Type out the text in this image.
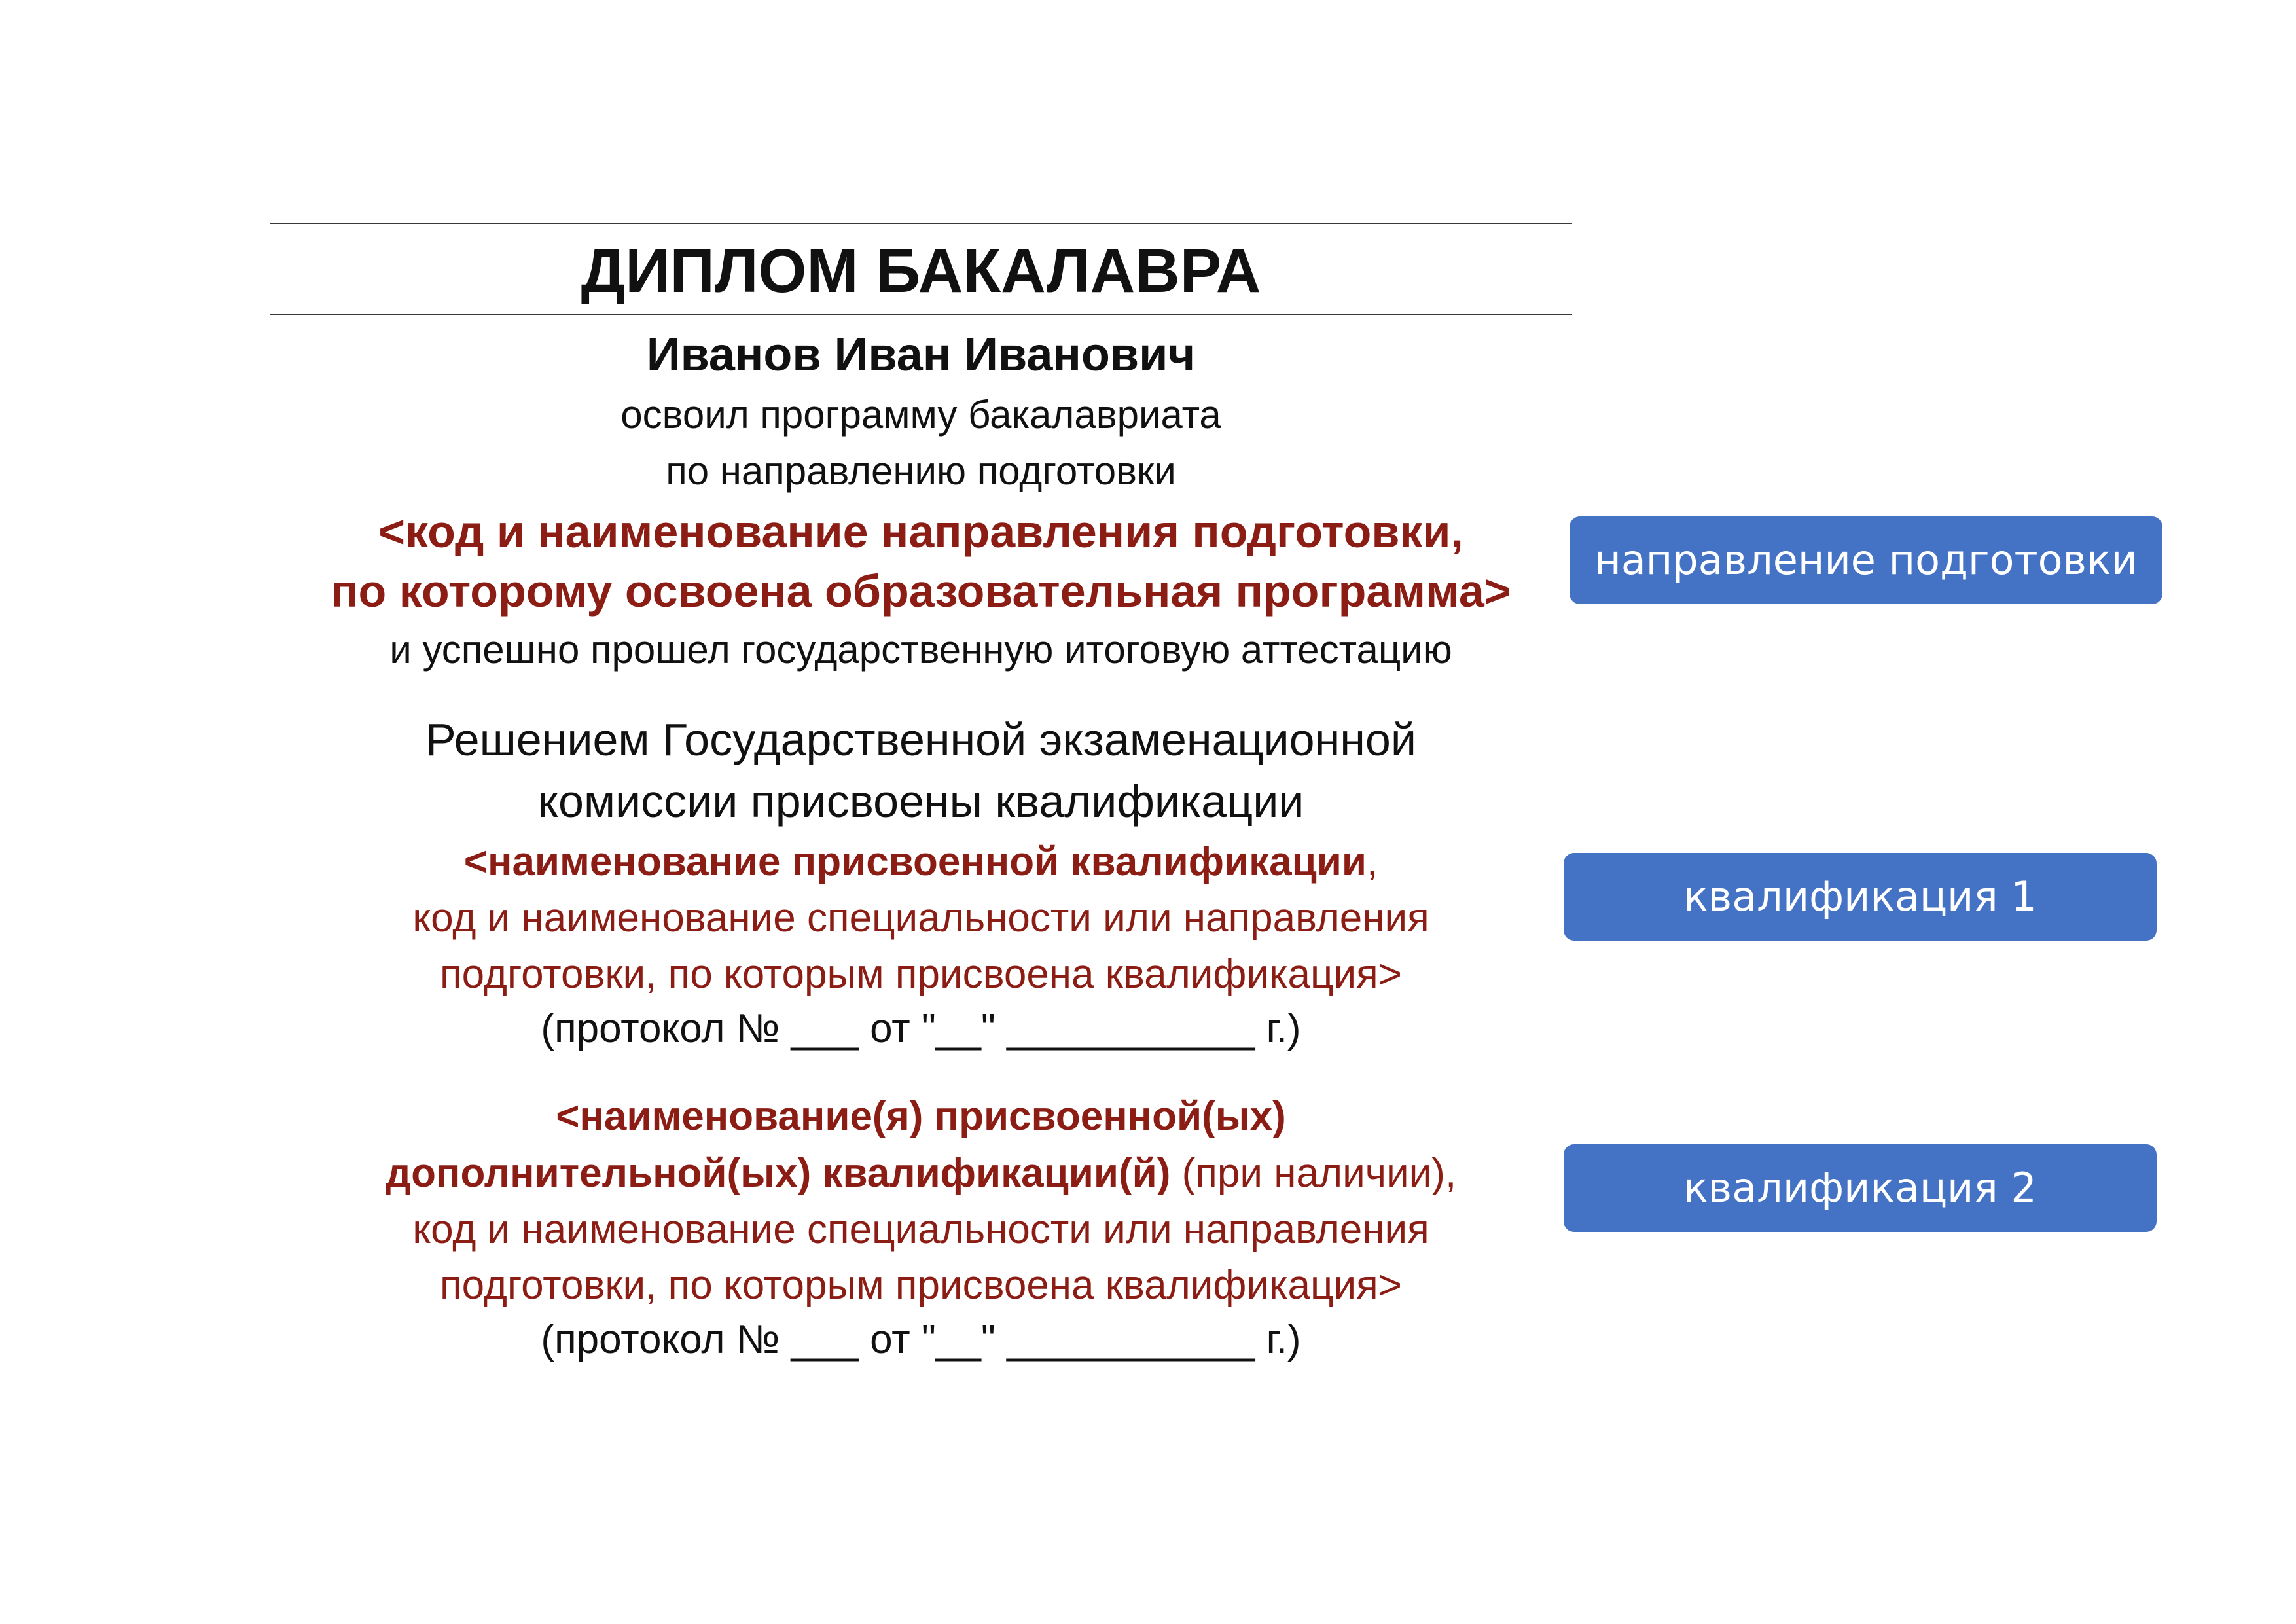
ДИПЛОМ БАКАЛАВРА
Иванов Иван Иванович
освоил программу бакалавриата
по направлению подготовки
<код и наименование направления подготовки,
по которому освоена образовательная программа>
и успешно прошел государственную итоговую аттестацию
Решением Государственной экзаменационной
комиссии присвоены квалификации
<наименование присвоенной квалификации,
код и наименование специальности или направления
подготовки, по которым присвоена квалификация>
(протокол № ___ от "__" ___________ г.)
<наименование(я) присвоенной(ых)
дополнительной(ых) квалификации(й) (при наличии),
код и наименование специальности или направления
подготовки, по которым присвоена квалификация>
(протокол № ___ от "__" ___________ г.)
направление подготовки
квалификация 1
квалификация 2
